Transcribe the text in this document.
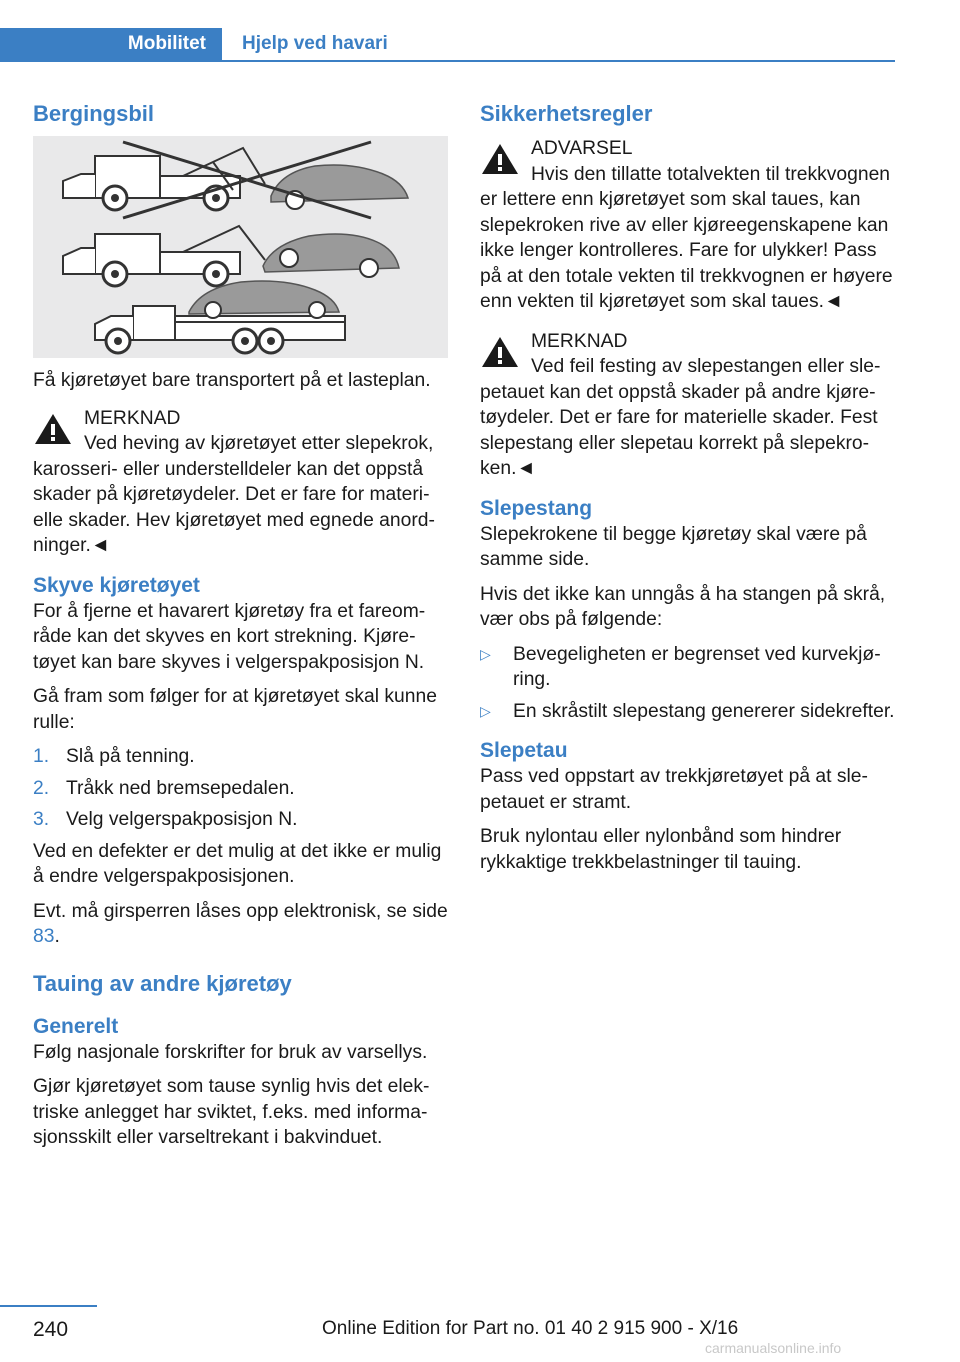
Mobilitet	Hjelp ved havari
Bergingsbil

Få kjøretøyet bare transportert på et lasteplan.

MERKNAD
Ved heving av kjøretøyet etter slepekrok, karosseri- eller understelldeler kan det oppstå skader på kjøretøydeler. Det er fare for materielle skader. Hev kjøretøyet med egnede anordninger.◄
Skyve kjøretøyet

For å fjerne et havarert kjøretøy fra et fareområde kan det skyves en kort strekning. Kjøretøyet kan bare skyves i velgerspakposisjon N.

Gå fram som følger for at kjøretøyet skal kunne rulle:

1. Slå på tenning.
2. Tråkk ned bremsepedalen.
3. Velg velgerspakposisjon N.

Ved en defekter er det mulig at det ikke er mulig å endre velgerspakposisjonen.

Evt. må girsperren låses opp elektronisk, se side 83.

Tauing av andre kjøretøy
Generelt

Følg nasjonale forskrifter for bruk av varsellys.

Gjør kjøretøyet som tause synlig hvis det elektriske anlegget har sviktet, f.eks. med informasjonsskilt eller varseltrekant i bakvinduet.

Sikkerhetsregler
ADVARSEL
Hvis den tillatte totalvekten til trekkvognen er lettere enn kjøretøyet som skal taues, kan slepekroken rive av eller kjøreegenskapene kan ikke lenger kontrolleres. Fare for ulykker! Pass på at den totale vekten til trekkvognen er høyere enn vekten til kjøretøyet som skal taues.◄
MERKNAD
Ved feil festing av slepestangen eller slepetauet kan det oppstå skader på andre kjøretøydeler. Det er fare for materielle skader. Fest slepestang eller slepetau korrekt på slepekroken.◄
Slepestang

Slepekrokene til begge kjøretøy skal være på samme side.

Hvis det ikke kan unngås å ha stangen på skrå, vær obs på følgende:

▷ Bevegeligheten er begrenset ved kurvekjøring.
▷ En skråstilt slepestang genererer sidekrefter.
Slepetau

Pass ved oppstart av trekkjøretøyet på at slepetauet er stramt.

Bruk nylontau eller nylonbånd som hindrer rykkaktige trekkbelastninger til tauing.

240	Online Edition for Part no. 01 40 2 915 900 - X/16
carmanualsonline.info
